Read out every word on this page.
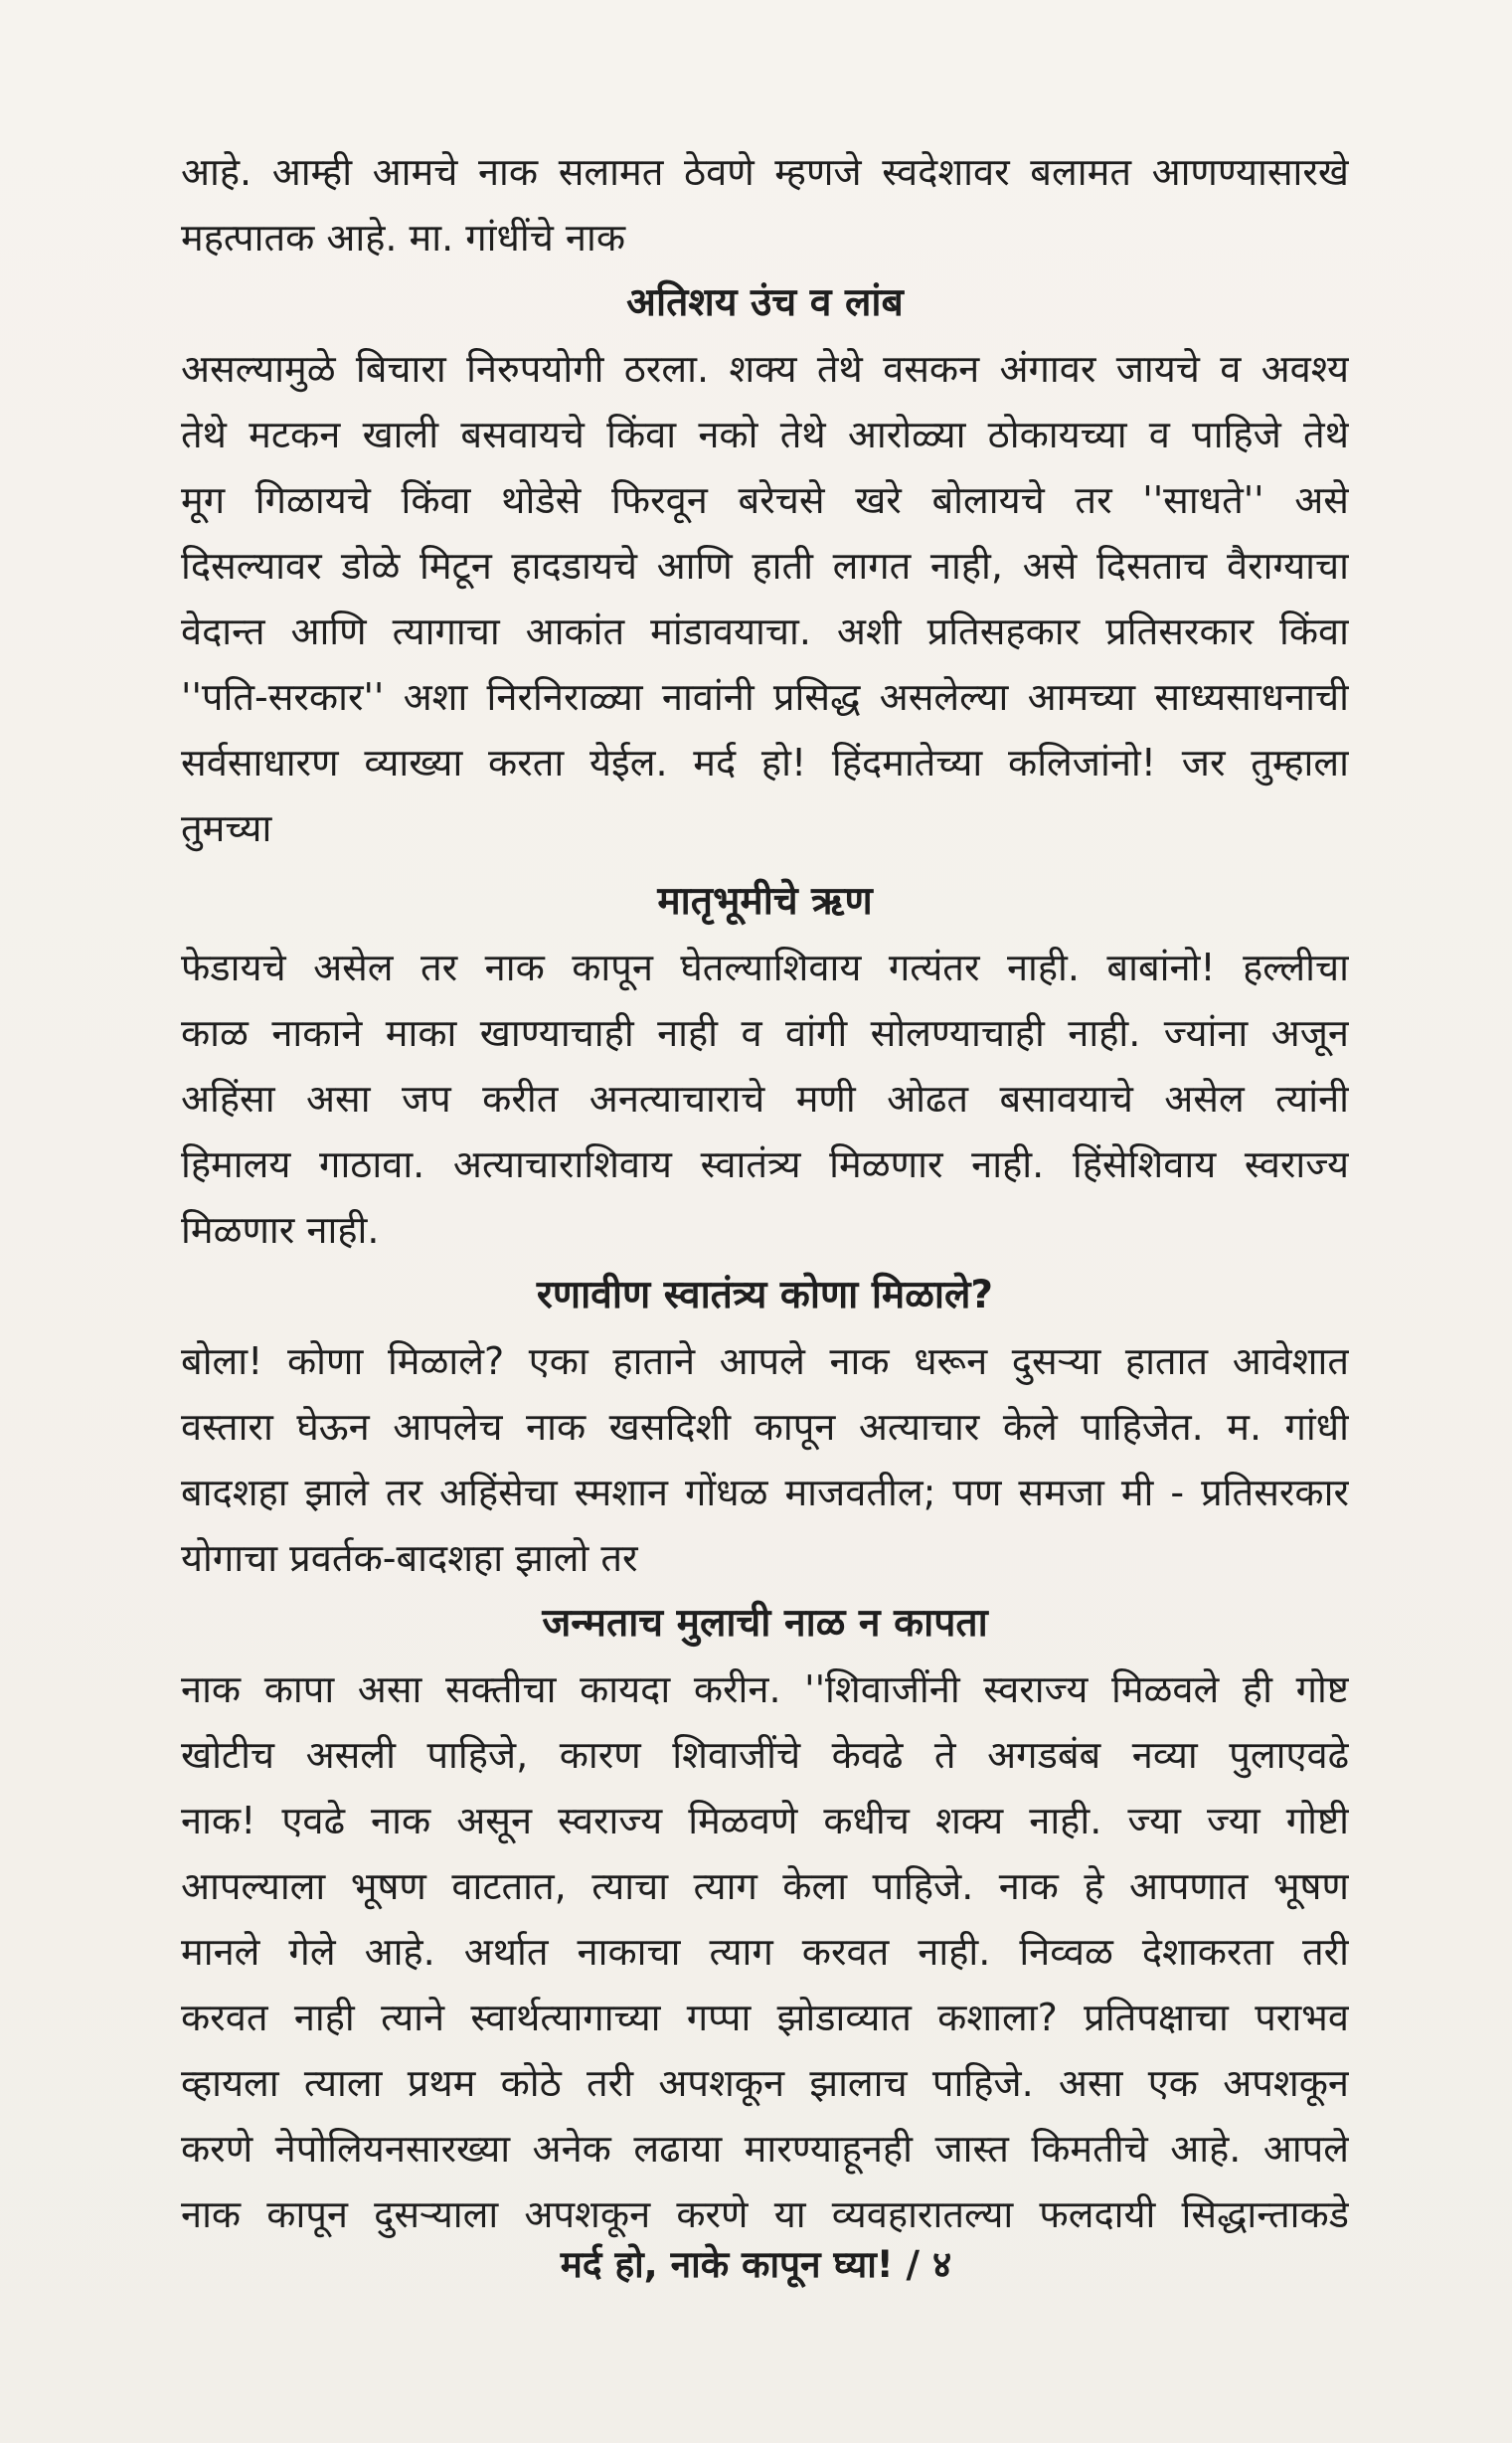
आहे. आम्ही आमचे नाक सलामत ठेवणे म्हणजे स्वदेशावर बलामत आणण्यासारखे
महत्पातक आहे. मा. गांधींचे नाक
अतिशय उंच व लांब
असल्यामुळे बिचारा निरुपयोगी ठरला. शक्य तेथे वसकन अंगावर जायचे व अवश्य
तेथे मटकन खाली बसवायचे किंवा नको तेथे आरोळ्या ठोकायच्या व पाहिजे तेथे
मूग गिळायचे किंवा थोडेसे फिरवून बरेचसे खरे बोलायचे तर ''साधते'' असे
दिसल्यावर डोळे मिटून हादडायचे आणि हाती लागत नाही, असे दिसताच वैराग्याचा
वेदान्त आणि त्यागाचा आकांत मांडावयाचा. अशी प्रतिसहकार प्रतिसरकार किंवा
''पति-सरकार'' अशा निरनिराळ्या नावांनी प्रसिद्ध असलेल्या आमच्या साध्यसाधनाची
सर्वसाधारण व्याख्या करता येईल. मर्द हो! हिंदमातेच्या कलिजांनो! जर तुम्हाला
तुमच्या
मातृभूमीचे ऋण
फेडायचे असेल तर नाक कापून घेतल्याशिवाय गत्यंतर नाही. बाबांनो! हल्लीचा
काळ नाकाने माका खाण्याचाही नाही व वांगी सोलण्याचाही नाही. ज्यांना अजून
अहिंसा असा जप करीत अनत्याचाराचे मणी ओढत बसावयाचे असेल त्यांनी
हिमालय गाठावा. अत्याचाराशिवाय स्वातंत्र्य मिळणार नाही. हिंसेशिवाय स्वराज्य
मिळणार नाही.
रणावीण स्वातंत्र्य कोणा मिळाले?
बोला! कोणा मिळाले? एका हाताने आपले नाक धरून दुसऱ्या हातात आवेशात
वस्तारा घेऊन आपलेच नाक खसदिशी कापून अत्याचार केले पाहिजेत. म. गांधी
बादशहा झाले तर अहिंसेचा स्मशान गोंधळ माजवतील; पण समजा मी - प्रतिसरकार
योगाचा प्रवर्तक-बादशहा झालो तर
जन्मताच मुलाची नाळ न कापता
नाक कापा असा सक्तीचा कायदा करीन. ''शिवाजींनी स्वराज्य मिळवले ही गोष्ट
खोटीच असली पाहिजे, कारण शिवाजींचे केवढे ते अगडबंब नव्या पुलाएवढे
नाक! एवढे नाक असून स्वराज्य मिळवणे कधीच शक्य नाही. ज्या ज्या गोष्टी
आपल्याला भूषण वाटतात, त्याचा त्याग केला पाहिजे. नाक हे आपणात भूषण
मानले गेले आहे. अर्थात नाकाचा त्याग करवत नाही. निव्वळ देशाकरता तरी
करवत नाही त्याने स्वार्थत्यागाच्या गप्पा झोडाव्यात कशाला? प्रतिपक्षाचा पराभव
व्हायला त्याला प्रथम कोठे तरी अपशकून झालाच पाहिजे. असा एक अपशकून
करणे नेपोलियनसारख्या अनेक लढाया मारण्याहूनही जास्त किमतीचे आहे. आपले
नाक कापून दुसऱ्याला अपशकून करणे या व्यवहारातल्या फलदायी सिद्धान्ताकडे
मर्द हो, नाके कापून घ्या! / ४
